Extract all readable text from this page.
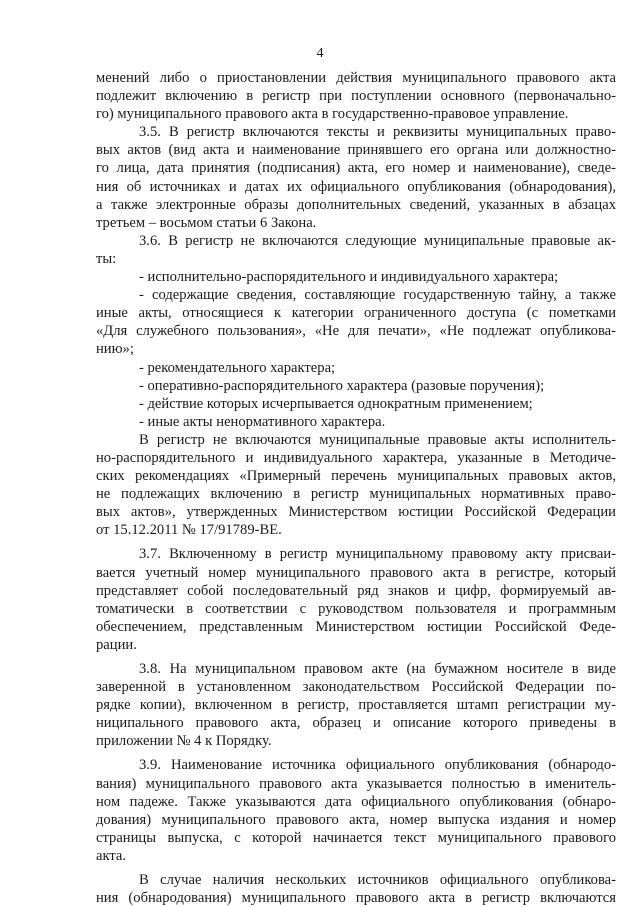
4
менений либо о приостановлении действия муниципального правового акта
подлежит включению в регистр при поступлении основного (первоначально-
го) муниципального правового акта в государственно-правовое управление.
3.5. В регистр включаются тексты и реквизиты муниципальных право-
вых актов (вид акта и наименование принявшего его органа или должностно-
го лица, дата принятия (подписания) акта, его номер и наименование), сведе-
ния об источниках и датах их официального опубликования (обнародования),
а также электронные образы дополнительных сведений, указанных в абзацах
третьем – восьмом статьи 6 Закона.
3.6. В регистр не включаются следующие муниципальные правовые ак-
ты:
- исполнительно-распорядительного и индивидуального характера;
- содержащие сведения, составляющие государственную тайну, а также
иные акты, относящиеся к категории ограниченного доступа (с пометками
«Для служебного пользования», «Не для печати», «Не подлежат опубликова-
нию»;
- рекомендательного характера;
- оперативно-распорядительного характера (разовые поручения);
- действие которых исчерпывается однократным применением;
- иные акты ненормативного характера.
В регистр не включаются муниципальные правовые акты исполнитель-
но-распорядительного и индивидуального характера, указанные в Методиче-
ских рекомендациях «Примерный перечень муниципальных правовых актов,
не подлежащих включению в регистр муниципальных нормативных право-
вых актов», утвержденных Министерством юстиции Российской Федерации
от 15.12.2011 № 17/91789-ВЕ.
3.7. Включенному в регистр муниципальному правовому акту присваи-
вается учетный номер муниципального правового акта в регистре, который
представляет собой последовательный ряд знаков и цифр, формируемый ав-
томатически в соответствии с руководством пользователя и программным
обеспечением, представленным Министерством юстиции Российской Феде-
рации.
3.8. На муниципальном правовом акте (на бумажном носителе в виде
заверенной в установленном законодательством Российской Федерации по-
рядке копии), включенном в регистр, проставляется штамп регистрации му-
ниципального правового акта, образец и описание которого приведены в
приложении № 4 к Порядку.
3.9. Наименование источника официального опубликования (обнародо-
вания) муниципального правового акта указывается полностью в именитель-
ном падеже. Также указываются дата официального опубликования (обнаро-
дования) муниципального правового акта, номер выпуска издания и номер
страницы выпуска, с которой начинается текст муниципального правового
акта.
В случае наличия нескольких источников официального опубликова-
ния (обнародования) муниципального правового акта в регистр включаются
